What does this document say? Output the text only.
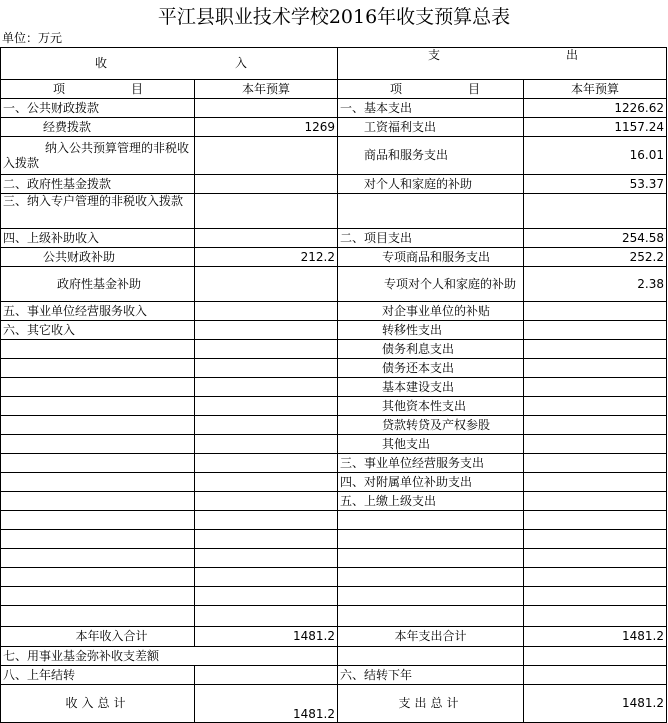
平江县职业技术学校2016年收支预算总表
单位：万元
收 入		支 出	

项 目	本年预算	项 目	本年预算
一、公共财政拨款		一、基本支出	1226.62
经费拨款	1269	工资福利支出	1157.24
纳入公共预算管理的非税收入拨款		商品和服务支出	16.01
二、政府性基金拨款		对个人和家庭的补助	53.37
三、纳入专户管理的非税收入拨款			
四、上级补助收入		二、项目支出	254.58
公共财政补助	212.2	专项商品和服务支出	252.2
政府性基金补助		专项对个人和家庭的补助	2.38
五、事业单位经营服务收入		对企事业单位的补贴	
六、其它收入		转移性支出	
		债务利息支出	
		债务还本支出	
		基本建设支出	
		其他资本性支出	
		贷款转贷及产权参股	
		其他支出	
		三、事业单位经营服务支出	
		四、对附属单位补助支出	
		五、上缴上级支出	

本年收入合计	1481.2	本年支出合计	1481.2
七、用事业基金弥补收支差额			
八、上年结转		六、结转下年	
收入总计	1481.2	支出总计	1481.2
